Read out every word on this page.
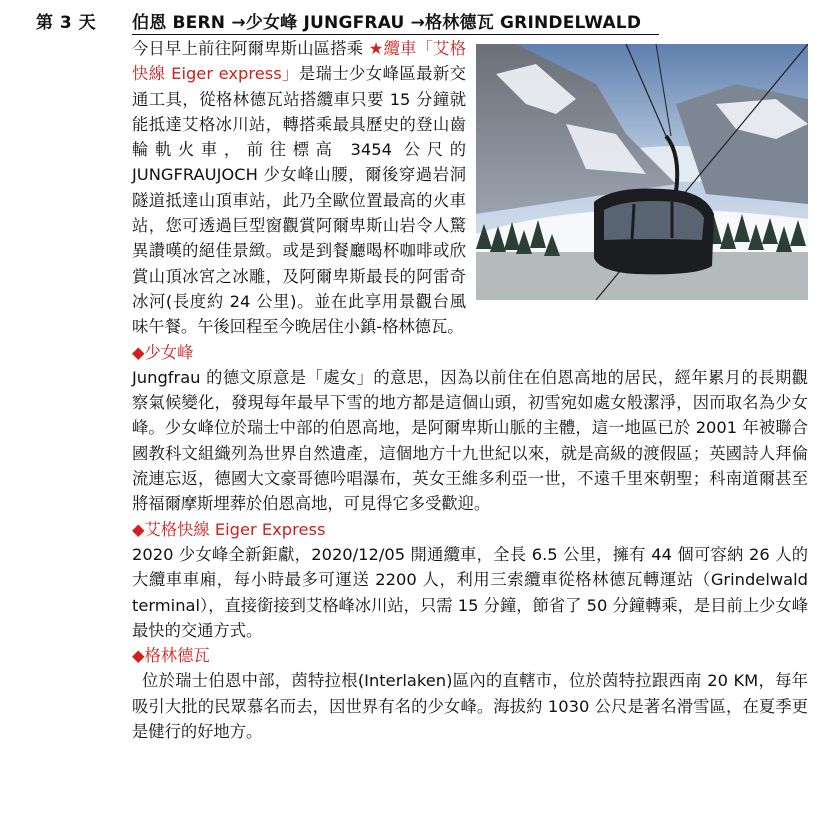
第 3 天 伯恩 BERN →少女峰 JUNGFRAU →格林德瓦 GRINDELWALD

今日早上前往阿爾卑斯山區搭乘 ★纜車「艾格快線 Eiger express」是瑞士少女峰區最新交通工具，從格林德瓦站搭纜車只要 15 分鐘就能抵達艾格冰川站，轉搭乘最具歷史的登山齒輪軌火車，前往標高 3454 公尺的 JUNGFRAUJOCH 少女峰山腰，爾後穿過岩洞隧道抵達山頂車站，此乃全歐位置最高的火車站，您可透過巨型窗觀賞阿爾卑斯山岩令人驚異讚嘆的絕佳景緻。或是到餐廳喝杯咖啡或欣賞山頂冰宮之冰雕，及阿爾卑斯最長的阿雷奇冰河(長度約 24 公里)。並在此享用景觀台風味午餐。午後回程至今晚居住小鎮-格林德瓦。

◆少女峰

Jungfrau 的德文原意是「處女」的意思，因為以前住在伯恩高地的居民，經年累月的長期觀察氣候變化，發現每年最早下雪的地方都是這個山頭，初雪宛如處女般潔淨，因而取名為少女峰。少女峰位於瑞士中部的伯恩高地，是阿爾卑斯山脈的主體，這一地區已於 2001 年被聯合國教科文組織列為世界自然遺產，這個地方十九世紀以來，就是高級的渡假區；英國詩人拜倫流連忘返，德國大文豪哥德吟唱瀑布，英女王維多利亞一世，不遠千里來朝聖；科南道爾甚至將福爾摩斯埋葬於伯恩高地，可見得它多受歡迎。

◆艾格快線 Eiger Express

2020 少女峰全新鉅獻，2020/12/05 開通纜車，全長 6.5 公里，擁有 44 個可容納 26 人的大纜車車廂，每小時最多可運送 2200 人，利用三索纜車從格林德瓦轉運站（Grindelwald terminal），直接銜接到艾格峰冰川站，只需 15 分鐘，節省了 50 分鐘轉乘，是目前上少女峰最快的交通方式。

◆格林德瓦

位於瑞士伯恩中部，茵特拉根(Interlaken)區內的直轄市，位於茵特拉跟西南 20 KM，每年吸引大批的民眾慕名而去，因世界有名的少女峰。海拔約 1030 公尺是著名滑雪區，在夏季更是健行的好地方。
